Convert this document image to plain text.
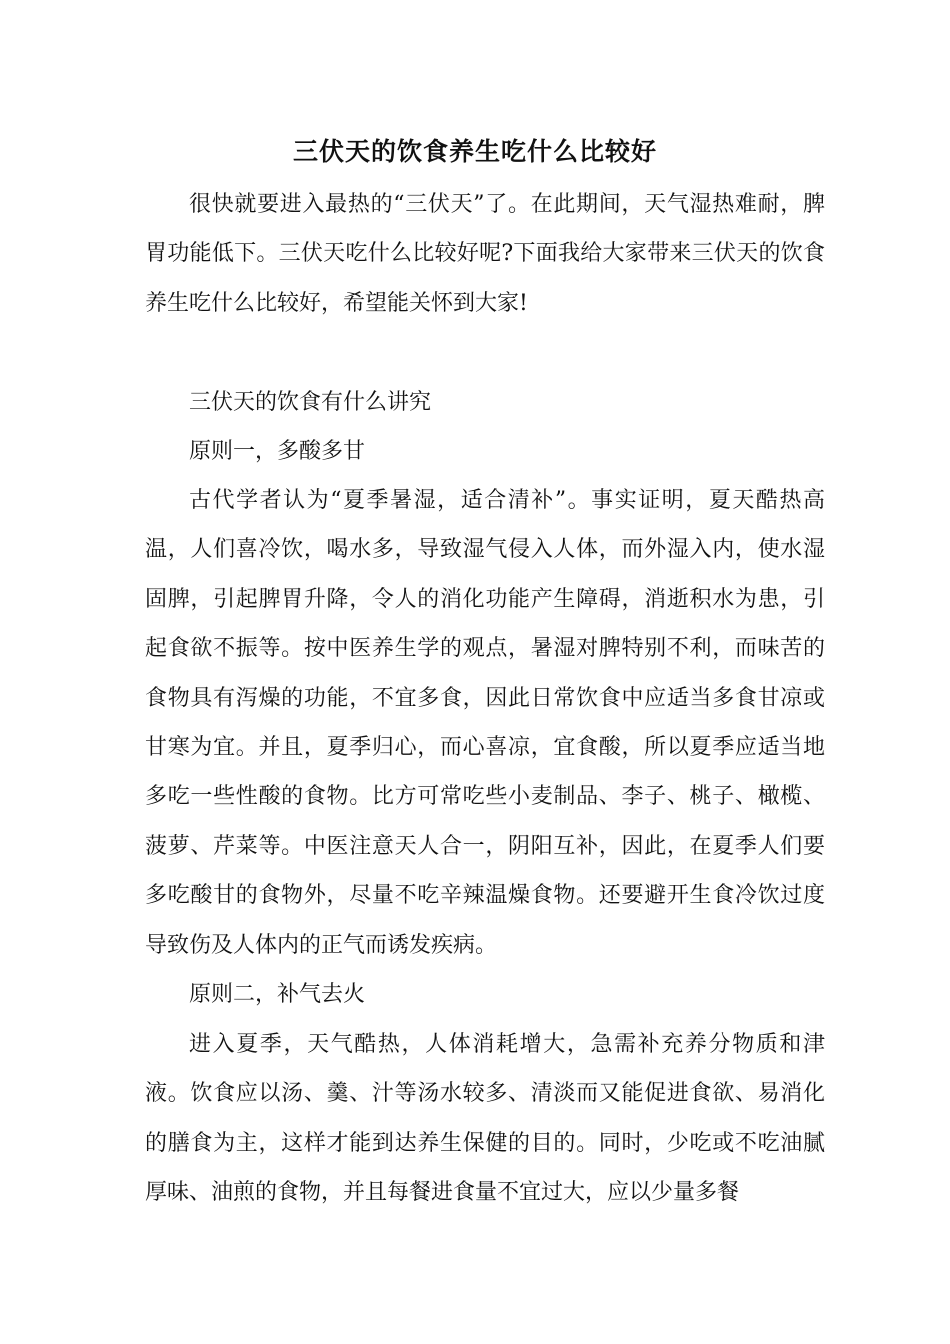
三伏天的饮食养生吃什么比较好

很快就要进入最热的“三伏天”了。在此期间，天气湿热难耐，脾胃功能低下。三伏天吃什么比较好呢?下面我给大家带来三伏天的饮食养生吃什么比较好，希望能关怀到大家!

三伏天的饮食有什么讲究

原则一，多酸多甘

古代学者认为“夏季暑湿，适合清补”。事实证明，夏天酷热高温，人们喜冷饮，喝水多，导致湿气侵入人体，而外湿入内，使水湿固脾，引起脾胃升降，令人的消化功能产生障碍，消逝积水为患，引起食欲不振等。按中医养生学的观点，暑湿对脾特别不利，而味苦的食物具有泻燥的功能，不宜多食，因此日常饮食中应适当多食甘凉或甘寒为宜。并且，夏季归心，而心喜凉，宜食酸，所以夏季应适当地多吃一些性酸的食物。比方可常吃些小麦制品、李子、桃子、橄榄、菠萝、芹菜等。中医注意天人合一，阴阳互补，因此，在夏季人们要多吃酸甘的食物外，尽量不吃辛辣温燥食物。还要避开生食冷饮过度导致伤及人体内的正气而诱发疾病。

原则二，补气去火

进入夏季，天气酷热，人体消耗增大，急需补充养分物质和津液。饮食应以汤、羹、汁等汤水较多、清淡而又能促进食欲、易消化的膳食为主，这样才能到达养生保健的目的。同时，少吃或不吃油腻厚味、油煎的食物，并且每餐进食量不宜过大，应以少量多餐
